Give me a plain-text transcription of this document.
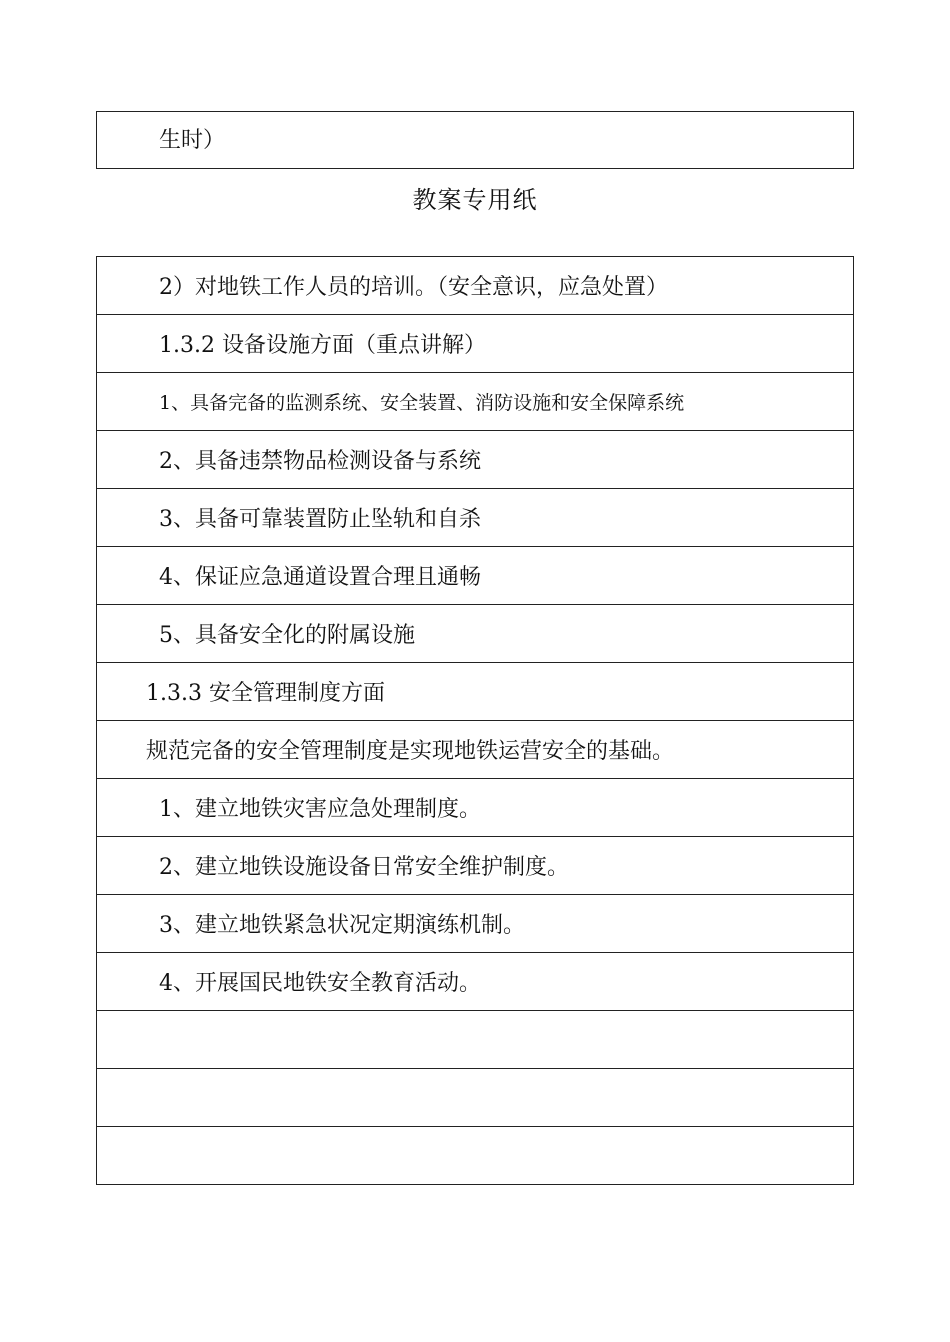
生时）
教案专用纸
2）对地铁工作人员的培训。（安全意识，应急处置）
1.3.2 设备设施方面（重点讲解）
1、具备完备的监测系统、安全装置、消防设施和安全保障系统
2、具备违禁物品检测设备与系统
3、具备可靠装置防止坠轨和自杀
4、保证应急通道设置合理且通畅
5、具备安全化的附属设施
1.3.3 安全管理制度方面
规范完备的安全管理制度是实现地铁运营安全的基础。
1、建立地铁灾害应急处理制度。
2、建立地铁设施设备日常安全维护制度。
3、建立地铁紧急状况定期演练机制。
4、开展国民地铁安全教育活动。
